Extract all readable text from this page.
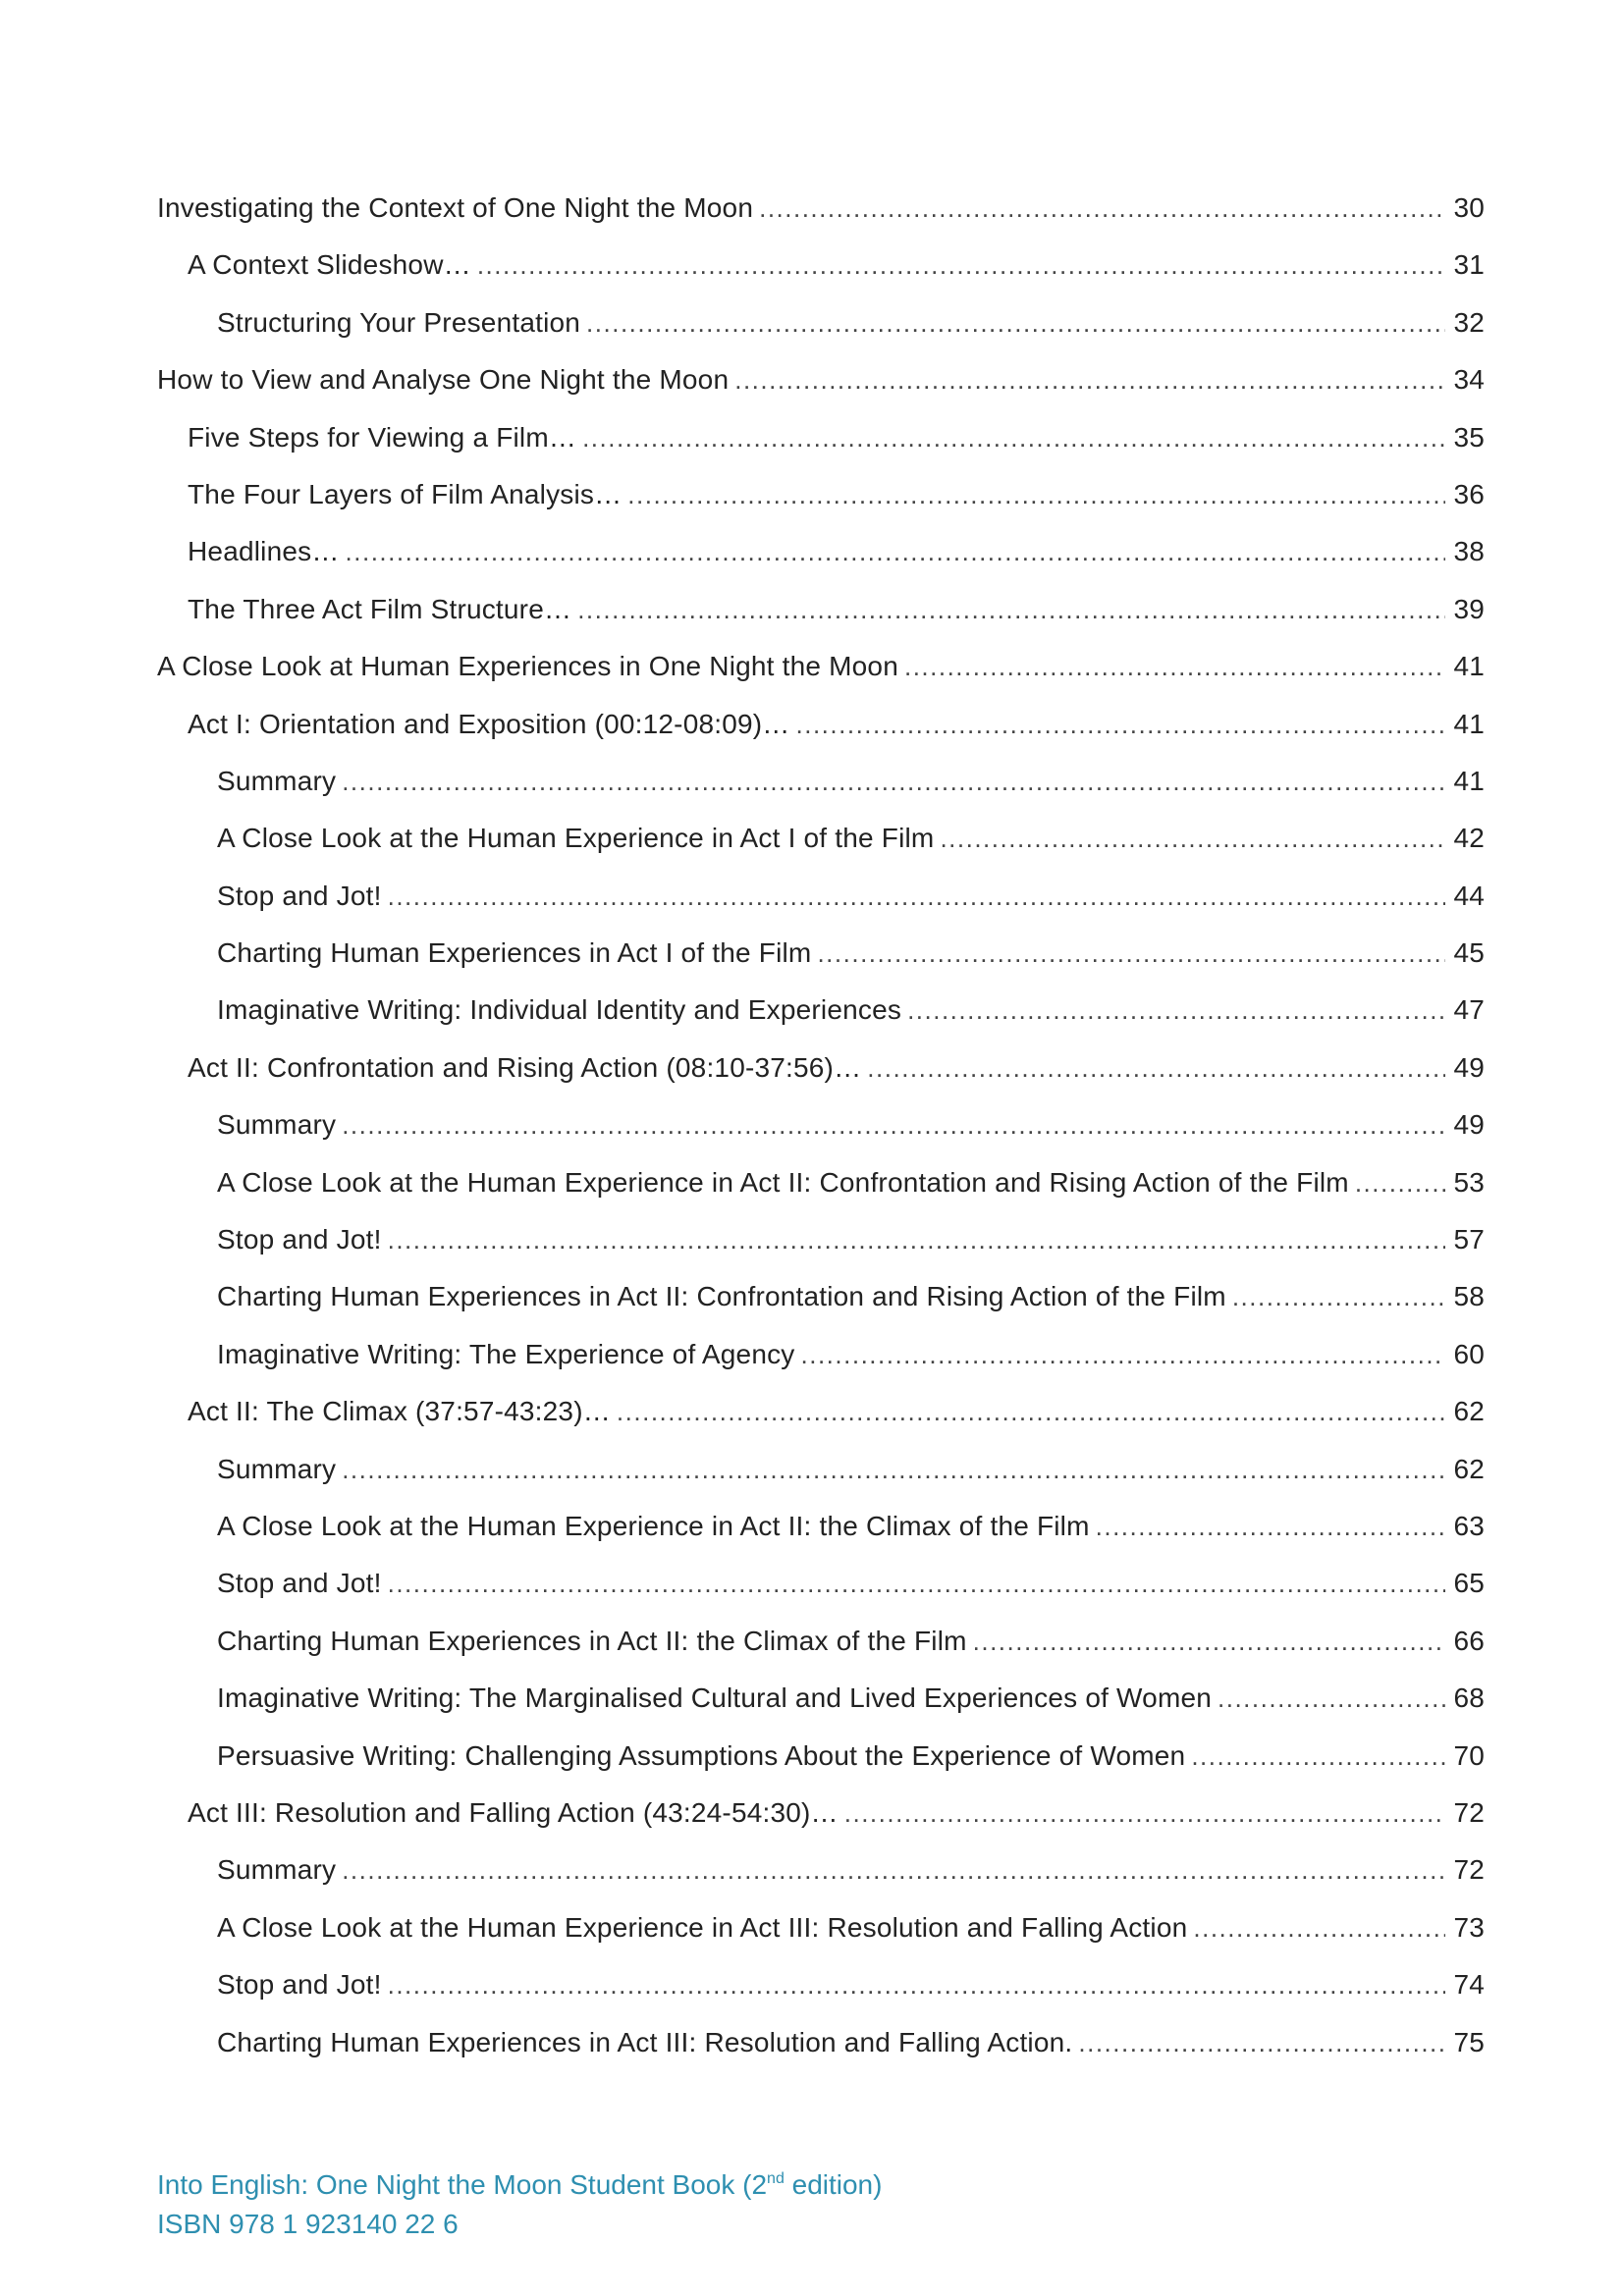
Investigating the Context of One Night the Moon .....	30
A Context Slideshow… .....	31
Structuring Your Presentation .....	32
How to View and Analyse One Night the Moon .....	34
Five Steps for Viewing a Film… .....	35
The Four Layers of Film Analysis… .....	36
Headlines… .....	38
The Three Act Film Structure… .....	39
A Close Look at Human Experiences in One Night the Moon .....	41
Act I: Orientation and Exposition (00:12-08:09)… .....	41
Summary .....	41
A Close Look at the Human Experience in Act I of the Film .....	42
Stop and Jot! .....	44
Charting Human Experiences in Act I of the Film .....	45
Imaginative Writing: Individual Identity and Experiences .....	47
Act II: Confrontation and Rising Action (08:10-37:56)… .....	49
Summary .....	49
A Close Look at the Human Experience in Act II: Confrontation and Rising Action of the Film .....	53
Stop and Jot! .....	57
Charting Human Experiences in Act II: Confrontation and Rising Action of the Film .....	58
Imaginative Writing: The Experience of Agency .....	60
Act II: The Climax (37:57-43:23)… .....	62
Summary .....	62
A Close Look at the Human Experience in Act II: the Climax of the Film .....	63
Stop and Jot! .....	65
Charting Human Experiences in Act II: the Climax of the Film .....	66
Imaginative Writing: The Marginalised Cultural and Lived Experiences of Women .....	68
Persuasive Writing: Challenging Assumptions About the Experience of Women .....	70
Act III: Resolution and Falling Action (43:24-54:30)… .....	72
Summary .....	72
A Close Look at the Human Experience in Act III: Resolution and Falling Action .....	73
Stop and Jot! .....	74
Charting Human Experiences in Act III: Resolution and Falling Action. .....	75
Into English: One Night the Moon Student Book (2nd edition)
ISBN 978 1 923140 22 6
